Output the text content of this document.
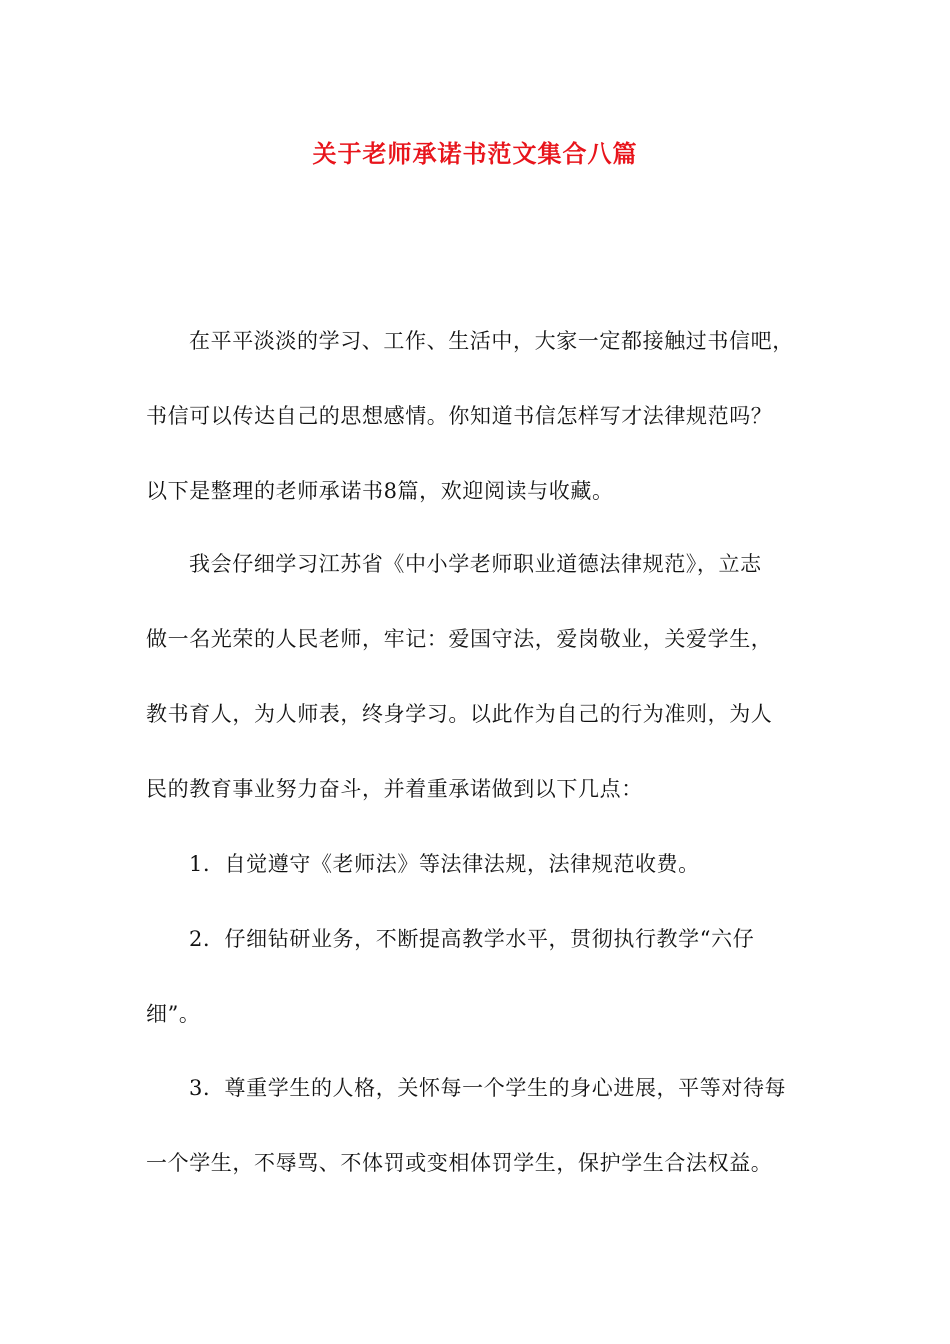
关于老师承诺书范文集合八篇
在平平淡淡的学习、工作、生活中，大家一定都接触过书信吧，
书信可以传达自己的思想感情。你知道书信怎样写才法律规范吗？
以下是整理的老师承诺书8篇，欢迎阅读与收藏。
我会仔细学习江苏省《中小学老师职业道德法律规范》，立志
做一名光荣的人民老师，牢记：爱国守法，爱岗敬业，关爱学生，
教书育人，为人师表，终身学习。以此作为自己的行为准则，为人
民的教育事业努力奋斗，并着重承诺做到以下几点：
1．自觉遵守《老师法》等法律法规，法律规范收费。
2．仔细钻研业务，不断提高教学水平，贯彻执行教学“六仔
细”。
3．尊重学生的人格，关怀每一个学生的身心进展，平等对待每
一个学生，不辱骂、不体罚或变相体罚学生，保护学生合法权益。
